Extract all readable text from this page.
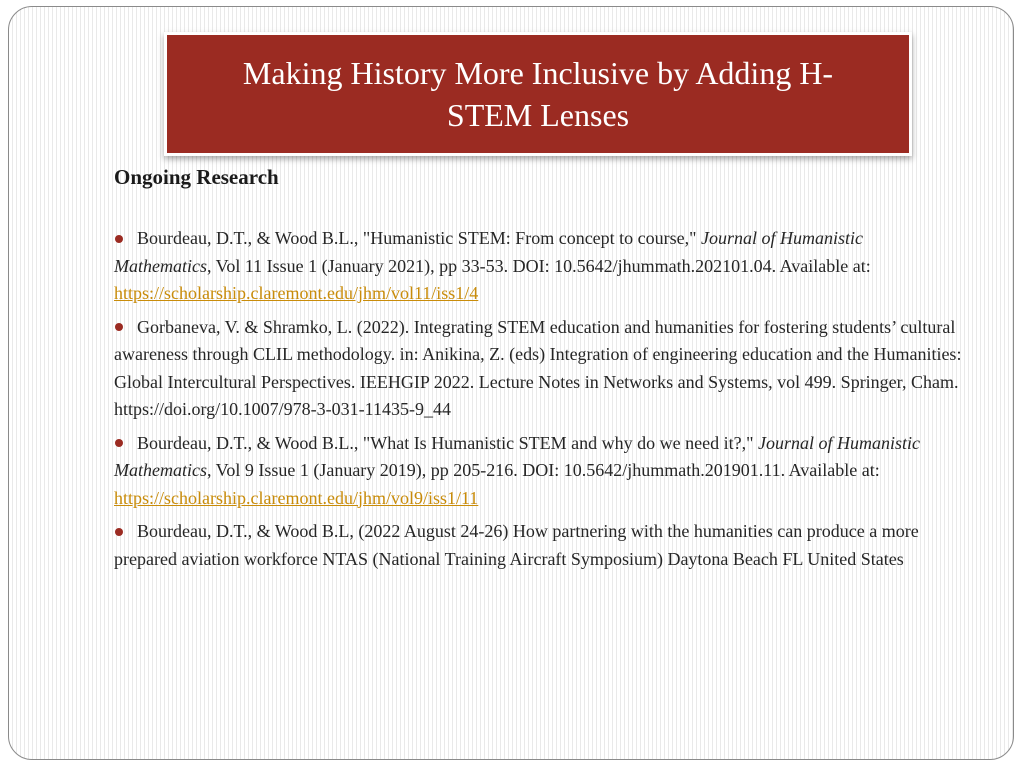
Making History More Inclusive by Adding H-STEM Lenses
Ongoing Research
Bourdeau, D.T., & Wood B.L., "Humanistic STEM: From concept to course," Journal of Humanistic Mathematics, Vol 11 Issue 1 (January 2021), pp 33-53. DOI: 10.5642/jhummath.202101.04. Available at: https://scholarship.claremont.edu/jhm/vol11/iss1/4
Gorbaneva, V. & Shramko, L. (2022). Integrating STEM education and humanities for fostering students’ cultural awareness through CLIL methodology. in: Anikina, Z. (eds) Integration of engineering education and the Humanities: Global Intercultural Perspectives. IEEHGIP 2022. Lecture Notes in Networks and Systems, vol 499. Springer, Cham. https://doi.org/10.1007/978-3-031-11435-9_44
Bourdeau, D.T., & Wood B.L., "What Is Humanistic STEM and why do we need it?," Journal of Humanistic Mathematics, Vol 9 Issue 1 (January 2019), pp 205-216. DOI: 10.5642/jhummath.201901.11. Available at: https://scholarship.claremont.edu/jhm/vol9/iss1/11
Bourdeau, D.T., & Wood B.L, (2022 August 24-26) How partnering with the humanities can produce a more prepared aviation workforce NTAS (National Training Aircraft Symposium) Daytona Beach FL United States
